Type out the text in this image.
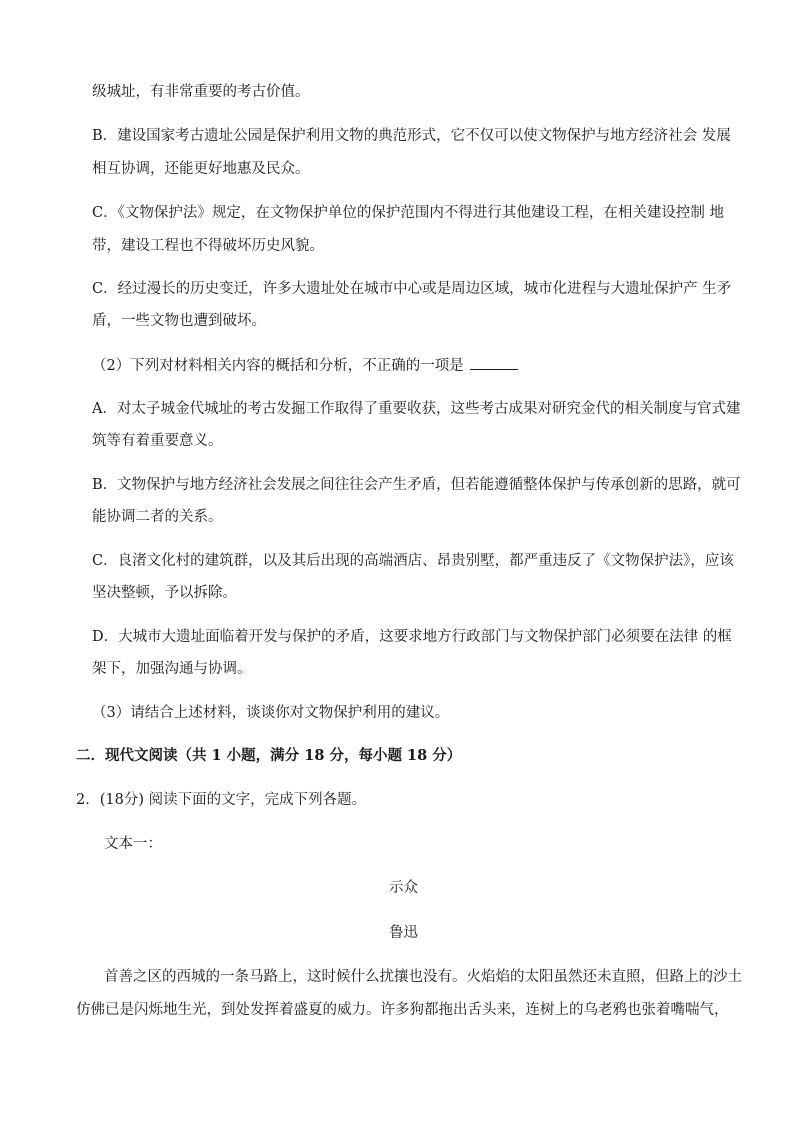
级城址，有非常重要的考古价值。
B．建设国家考古遗址公园是保护利用文物的典范形式，它不仅可以使文物保护与地方经济社会 发展
相互协调，还能更好地惠及民众。
C．《文物保护法》规定，在文物保护单位的保护范围内不得进行其他建设工程，在相关建设控制 地
带，建设工程也不得破坏历史风貌。
C．经过漫长的历史变迁，许多大遗址处在城市中心或是周边区域，城市化进程与大遗址保护产 生矛
盾，一些文物也遭到破坏。
（2）下列对材料相关内容的概括和分析，不正确的一项是
A．对太子城金代城址的考古发掘工作取得了重要收获，这些考古成果对研究金代的相关制度与官式建
筑等有着重要意义。
B．文物保护与地方经济社会发展之间往往会产生矛盾，但若能遵循整体保护与传承创新的思路，就可
能协调二者的关系。
C．良渚文化村的建筑群，以及其后出现的高端酒店、昂贵别墅，都严重违反了《文物保护法》，应该
坚决整顿，予以拆除。
D．大城市大遗址面临着开发与保护的矛盾，这要求地方行政部门与文物保护部门必须要在法律 的框
架下，加强沟通与协调。
（3）请结合上述材料，谈谈你对文物保护利用的建议。
二．现代文阅读（共 1 小题，满分 18 分，每小题 18 分）
2．(18分) 阅读下面的文字，完成下列各题。
文本一：
示众
鲁迅
首善之区的西城的一条马路上，这时候什么扰攘也没有。火焰焰的太阳虽然还未直照，但路上的沙土
仿佛已是闪烁地生光，到处发挥着盛夏的威力。许多狗都拖出舌头来，连树上的乌老鸦也张着嘴喘气，
